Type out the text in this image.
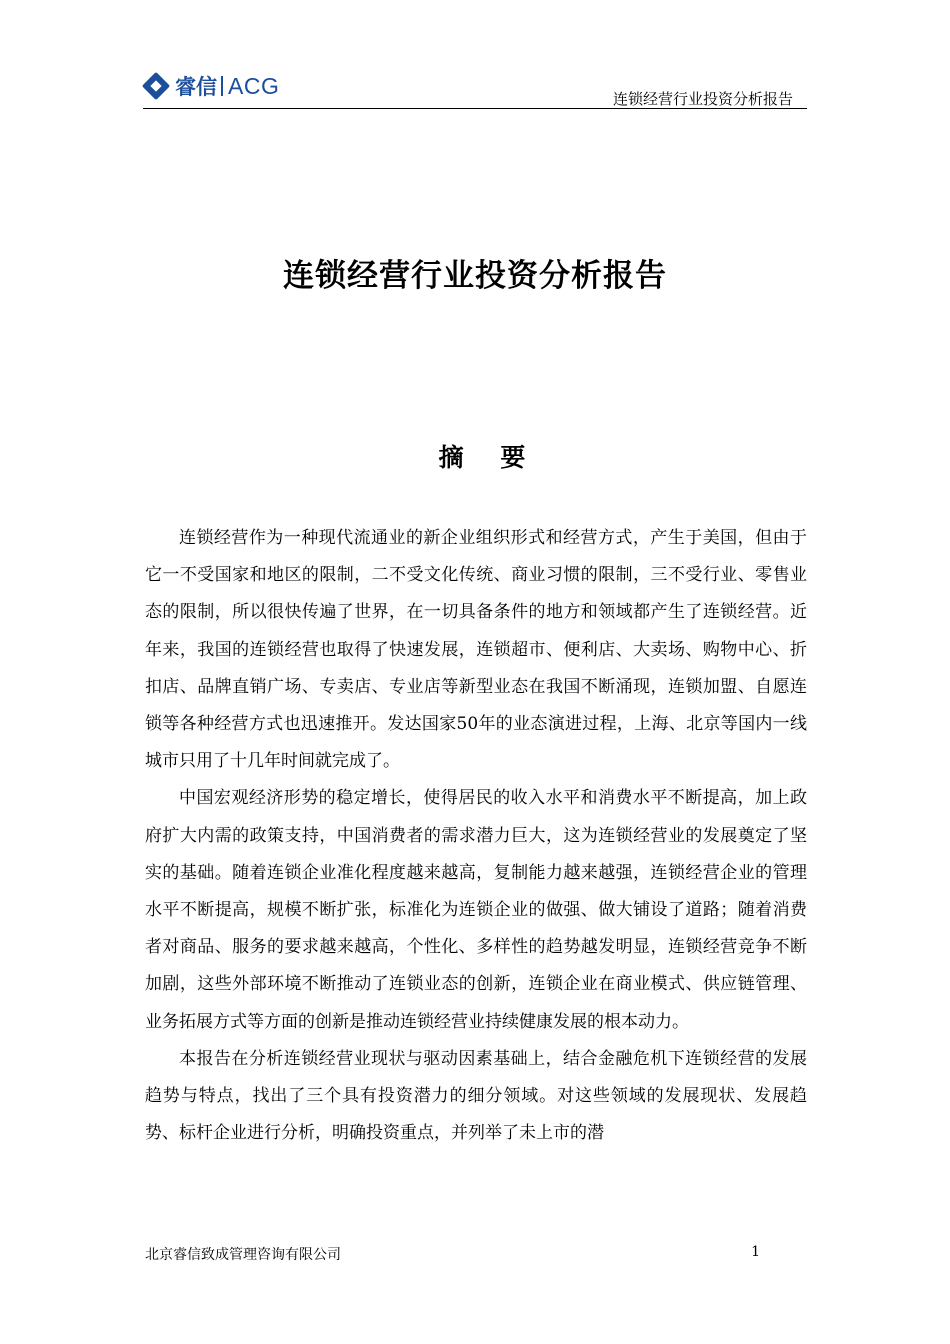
睿信 ACG
连锁经营行业投资分析报告
连锁经营行业投资分析报告
摘 要

连锁经营作为一种现代流通业的新企业组织形式和经营方式，产生于美国，但由于它一不受国家和地区的限制，二不受文化传统、商业习惯的限制，三不受行业、零售业态的限制，所以很快传遍了世界，在一切具备条件的地方和领域都产生了连锁经营。近年来，我国的连锁经营也取得了快速发展，连锁超市、便利店、大卖场、购物中心、折扣店、品牌直销广场、专卖店、专业店等新型业态在我国不断涌现，连锁加盟、自愿连锁等各种经营方式也迅速推开。发达国家50年的业态演进过程，上海、北京等国内一线城市只用了十几年时间就完成了。

中国宏观经济形势的稳定增长，使得居民的收入水平和消费水平不断提高，加上政府扩大内需的政策支持，中国消费者的需求潜力巨大，这为连锁经营业的发展奠定了坚实的基础。随着连锁企业准化程度越来越高，复制能力越来越强，连锁经营企业的管理水平不断提高，规模不断扩张，标准化为连锁企业的做强、做大铺设了道路；随着消费者对商品、服务的要求越来越高，个性化、多样性的趋势越发明显，连锁经营竞争不断加剧，这些外部环境不断推动了连锁业态的创新，连锁企业在商业模式、供应链管理、业务拓展方式等方面的创新是推动连锁经营业持续健康发展的根本动力。

本报告在分析连锁经营业现状与驱动因素基础上，结合金融危机下连锁经营的发展趋势与特点，找出了三个具有投资潜力的细分领域。对这些领域的发展现状、发展趋势、标杆企业进行分析，明确投资重点，并列举了未上市的潜

北京睿信致成管理咨询有限公司	1
